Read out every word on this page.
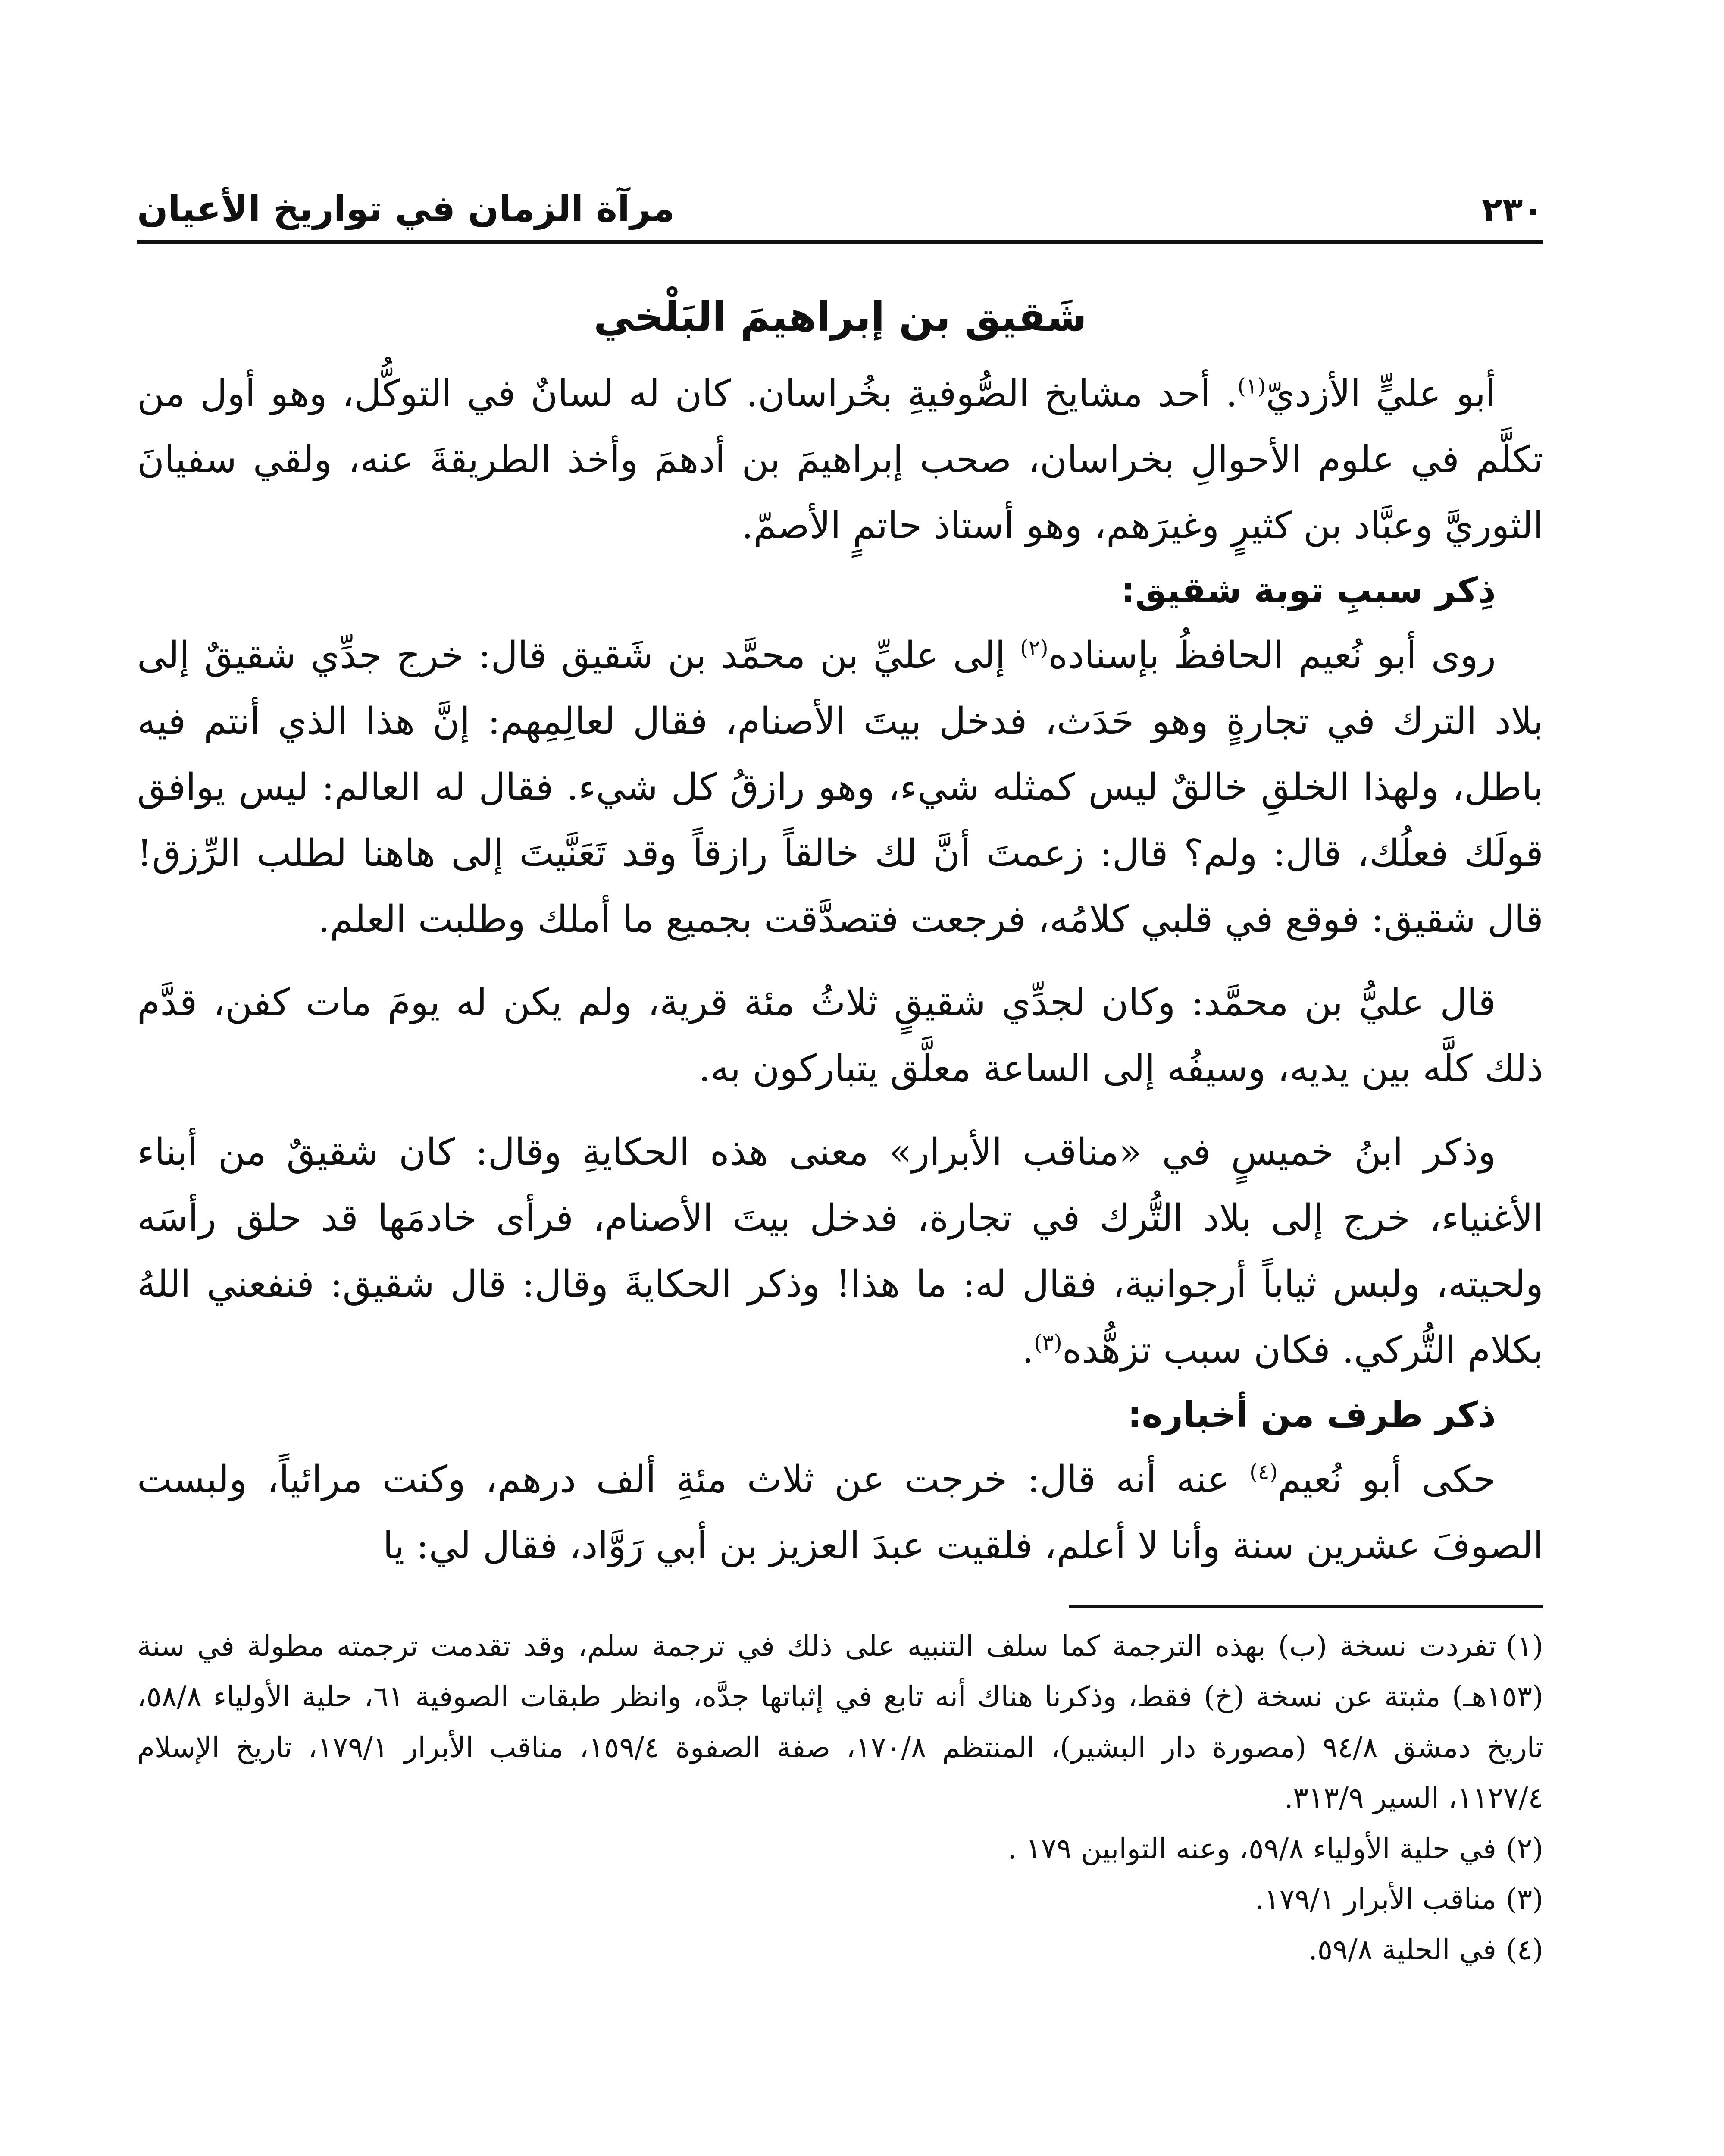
٢٣٠
مرآة الزمان في تواريخ الأعيان
شَقيق بن إبراهيمَ البَلْخي

أبو عليٍّ الأزديّ$^{(١)}$. أحد مشايخ الصُّوفيةِ بخُراسان. كان له لسانٌ في التوكُّل، وهو أول من تكلَّم في علوم الأحوالِ بخراسان، صحب إبراهيمَ بن أدهمَ وأخذ الطريقةَ عنه، ولقي سفيانَ الثوريَّ وعبَّاد بن كثيرٍ وغيرَهم، وهو أستاذ حاتمٍ الأصمّ.

ذِكر سببِ توبة شقيق:

روى أبو نُعيم الحافظُ بإسناده$^{(٢)}$ إلى عليِّ بن محمَّد بن شَقيق قال: خرج جدِّي شقيقٌ إلى بلاد الترك في تجارةٍ وهو حَدَث، فدخل بيتَ الأصنام، فقال لعالِمِهم: إنَّ هذا الذي أنتم فيه باطل، ولهذا الخلقِ خالقٌ ليس كمثله شيء، وهو رازقُ كل شيء. فقال له العالم: ليس يوافق قولَك فعلُك، قال: ولم؟ قال: زعمتَ أنَّ لك خالقاً رازقاً وقد تَعَنَّيتَ إلى هاهنا لطلب الرِّزق! قال شقيق: فوقع في قلبي كلامُه، فرجعت فتصدَّقت بجميع ما أملك وطلبت العلم.

قال عليُّ بن محمَّد: وكان لجدِّي شقيقٍ ثلاثُ مئة قرية، ولم يكن له يومَ مات كفن، قدَّم ذلك كلَّه بين يديه، وسيفُه إلى الساعة معلَّق يتباركون به.

وذكر ابنُ خميسٍ في «مناقب الأبرار» معنى هذه الحكايةِ وقال: كان شقيقٌ من أبناء الأغنياء، خرج إلى بلاد التُّرك في تجارة، فدخل بيتَ الأصنام، فرأى خادمَها قد حلق رأسَه ولحيته، ولبس ثياباً أرجوانية، فقال له: ما هذا! وذكر الحكايةَ وقال: قال شقيق: فنفعني اللهُ بكلام التُّركي. فكان سبب تزهُّده$^{(٣)}$.

ذكر طرف من أخباره:

حكى أبو نُعيم$^{(٤)}$ عنه أنه قال: خرجت عن ثلاث مئةِ ألف درهم، وكنت مرائياً، ولبست الصوفَ عشرين سنة وأنا لا أعلم، فلقيت عبدَ العزيز بن أبي رَوَّاد، فقال لي: يا

(١)تفردت نسخة (ب) بهذه الترجمة كما سلف التنبيه على ذلك في ترجمة سلم، وقد تقدمت ترجمته مطولة في سنة (١٥٣هـ) مثبتة عن نسخة (خ) فقط، وذكرنا هناك أنه تابع في إثباتها جدَّه، وانظر طبقات الصوفية ٦١، حلية الأولياء ٥٨/٨، تاريخ دمشق ٩٤/٨ (مصورة دار البشير)، المنتظم ١٧٠/٨، صفة الصفوة ١٥٩/٤، مناقب الأبرار ١٧٩/١، تاريخ الإسلام ١١٢٧/٤، السير ٣١٣/٩.

(٢)في حلية الأولياء ٥٩/٨، وعنه التوابين ١٧٩ .

(٣)مناقب الأبرار ١٧٩/١.

(٤)في الحلية ٥٩/٨.
